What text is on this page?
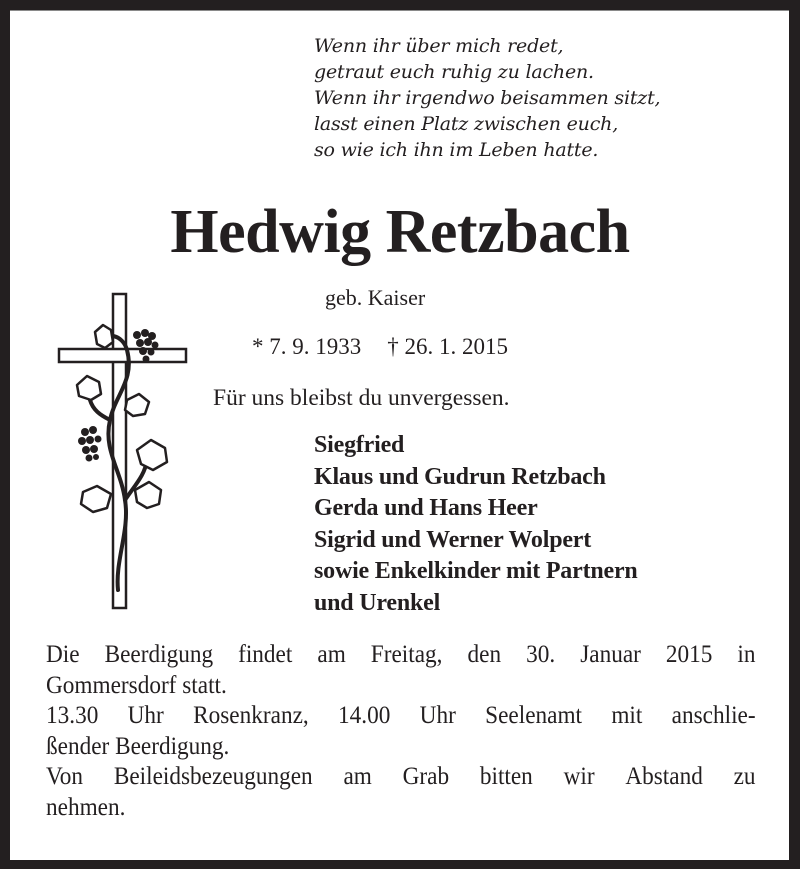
Wenn ihr über mich redet,
getraut euch ruhig zu lachen.
Wenn ihr irgendwo beisammen sitzt,
lasst einen Platz zwischen euch,
so wie ich ihn im Leben hatte.
Hedwig Retzbach
geb. Kaiser
* 7. 9. 1933 † 26. 1. 2015
Für uns bleibst du unvergessen.
Siegfried
Klaus und Gudrun Retzbach
Gerda und Hans Heer
Sigrid und Werner Wolpert
sowie Enkelkinder mit Partnern
und Urenkel
Die Beerdigung findet am Freitag, den 30. Januar 2015 in
Gommersdorf statt.
13.30 Uhr Rosenkranz, 14.00 Uhr Seelenamt mit anschlie-
ßender Beerdigung.
Von Beileidsbezeugungen am Grab bitten wir Abstand zu
nehmen.
